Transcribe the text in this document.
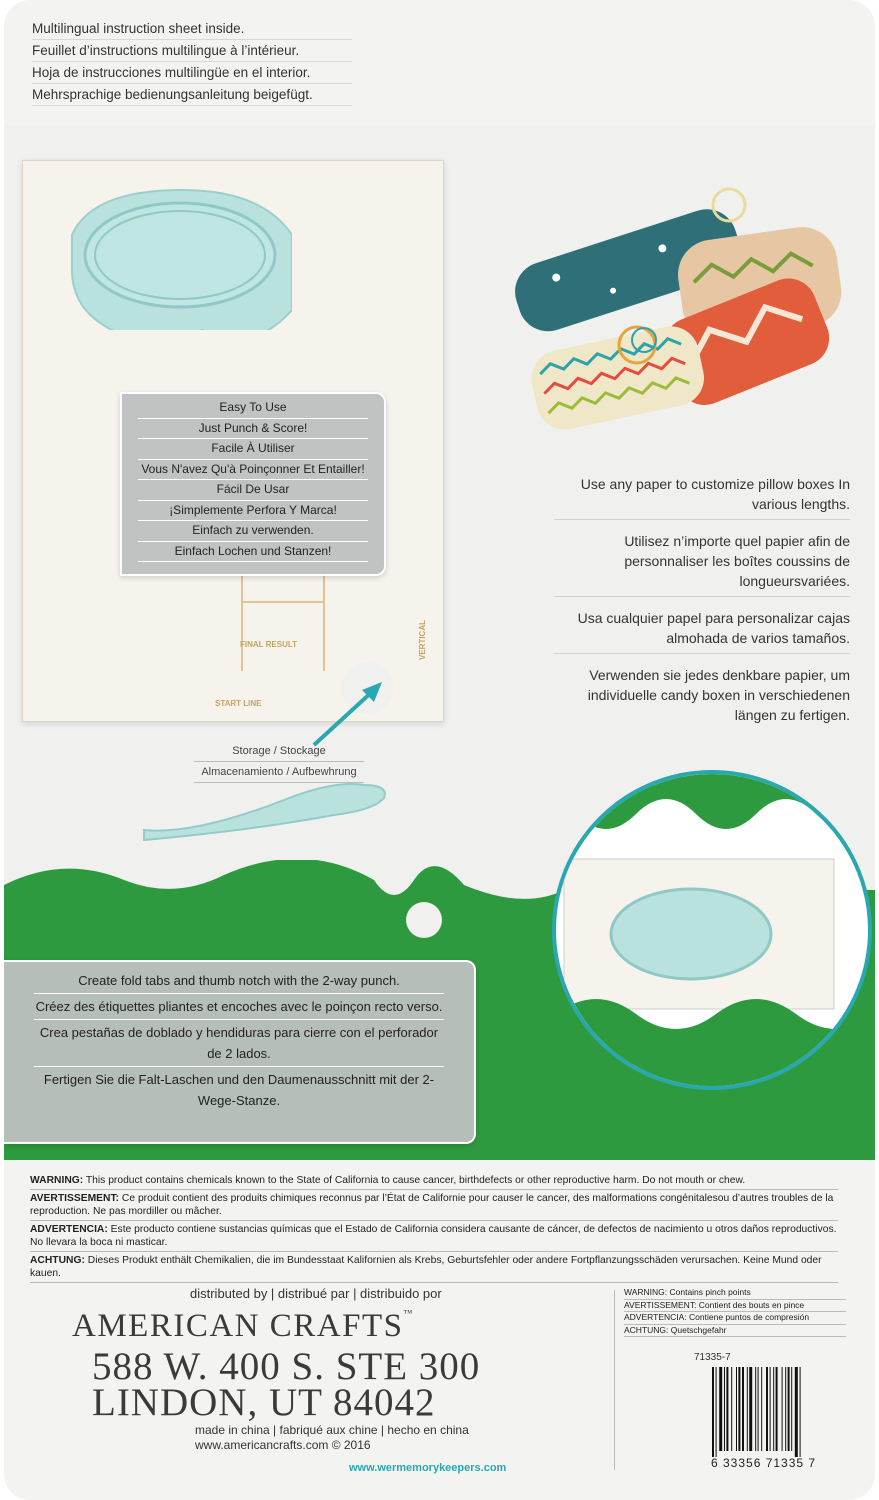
Multilingual instruction sheet inside.
Feuillet d’instructions multilingue à l’intérieur.
Hoja de instrucciones multilingüe en el interior.
Mehrsprachige bedienungsanleitung beigefügt.
FINAL RESULT
START LINE
VERTICAL
Easy To Use
Just Punch & Score!
Facile À Utiliser
Vous N'avez Qu'à Poinçonner Et Entailler!
Fácil De Usar
¡Simplemente Perfora Y Marca!
Einfach zu verwenden.
Einfach Lochen und Stanzen!

Use any paper to customize pillow boxes In various lengths.

Utilisez n’importe quel papier afin de personnaliser les boîtes coussins de longueursvariées.

Usa cualquier papel para personalizar cajas almohada de varios tamaños.

Verwenden sie jedes denkbare papier, um individuelle candy boxen in verschiedenen längen zu fertigen.

Storage / Stockage
Almacenamiento / Aufbewhrung
Create fold tabs and thumb notch with the 2-way punch.
Créez des étiquettes pliantes et encoches avec le poinçon recto verso.
Crea pestañas de doblado y hendiduras para cierre con el perforador de 2 lados.
Fertigen Sie die Falt-Laschen und den Daumenausschnitt mit der 2-Wege-Stanze.
WARNING: This product contains chemicals known to the State of California to cause cancer, birthdefects or other reproductive harm. Do not mouth or chew.
AVERTISSEMENT: Ce produit contient des produits chimiques reconnus par l’État de Californie pour causer le cancer, des malformations congénitalesou d’autres troubles de la reproduction. Ne pas mordiller ou mâcher.
ADVERTENCIA: Este producto contiene sustancias químicas que el Estado de California considera causante de cáncer, de defectos de nacimiento u otros daños reproductivos. No llevara la boca ni masticar.
ACHTUNG: Dieses Produkt enthält Chemikalien, die im Bundesstaat Kalifornien als Krebs, Geburtsfehler oder andere Fortpflanzungsschäden verursachen. Keine Mund oder kauen.
distributed by | distribué par | distribuido por
AMERICAN CRAFTS™
588 W. 400 S. STE 300
LINDON, UT 84042
made in china | fabriqué aux chine | hecho en china
www.americancrafts.com © 2016
www.wermemorykeepers.com
WARNING: Contains pinch points
AVERTISSEMENT: Contient des bouts en pince
ADVERTENCIA: Contiene puntos de compresión
ACHTUNG: Quetschgefahr
71335-7
6 33356 71335 7
